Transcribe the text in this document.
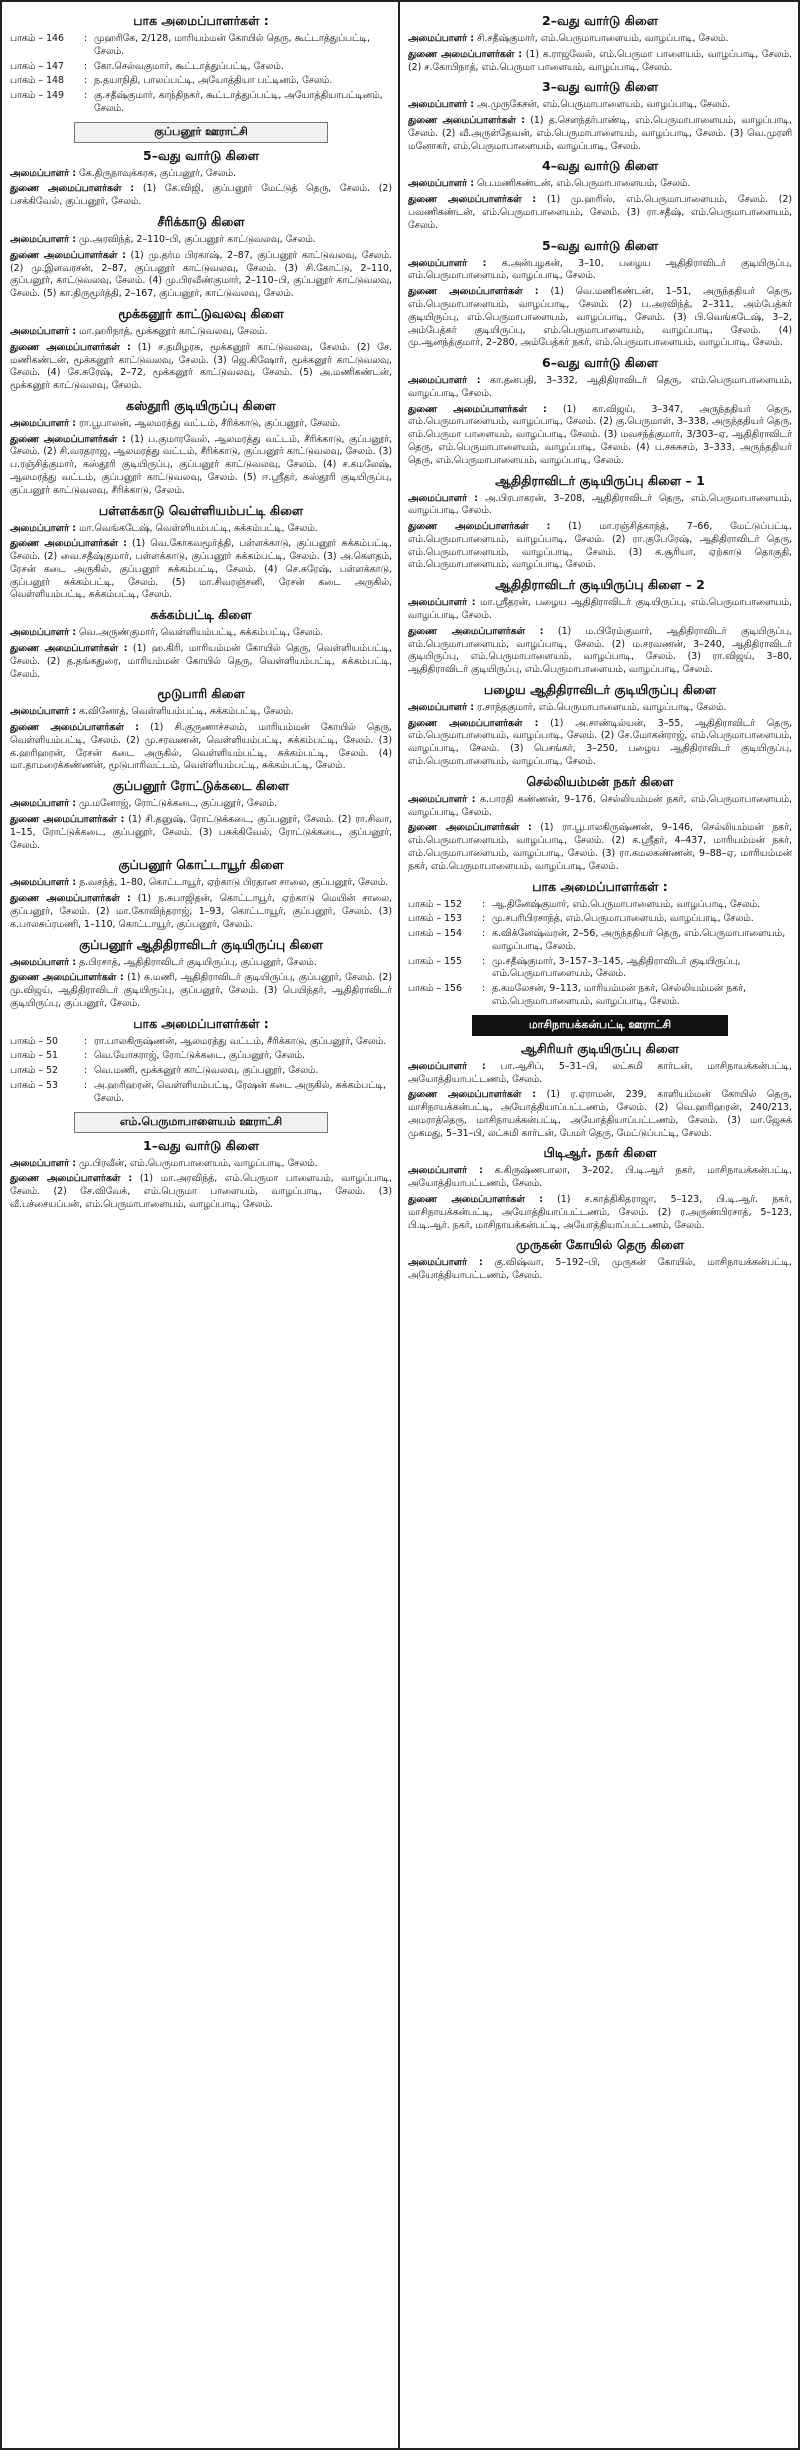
பாக அமைப்பாளர்கள் :
பாகம் – 146	: முஹரிகே, 2/128, மாரியம்மன் கோயில் தெரு, கூட்டாத்துப்பட்டி, சேலம்.
பாகம் – 147	: கோ.செல்வகுமார், கூட்டாத்துப்பட்டி, சேலம்.
பாகம் – 148	: ந.தயாநிதி, பாலப்பட்டி, அயோத்தியா பட்டினம், சேலம்.
பாகம் – 149	: கு.சதீஷ்குமார், காந்திநகர், கூட்டாத்துப்பட்டி, அயோத்தியாபட்டினம், சேலம்.
குப்பனூர் ஊராட்சி
5–வது வார்டு கிளை
அமைப்பாளர் : கே.திருநாவுக்கரசு, குப்பனூர், சேலம்.
துணை அமைப்பாளர்கள் : (1) கே.விஜி, குப்பனூர் மேட்டுத் தெரு, சேலம். (2) பசக்கிவேல், குப்பனூர், சேலம்.
சீரிக்காடு கிளை
அமைப்பாளர் : மு.அரவிந்த், 2–110–பி, குப்பனூர் காட்டுவலவு, சேலம்.
துணை அமைப்பாளர்கள் : (1) மு.தர்ம பிரகாஷ், 2–87, குப்பனூர் காட்டுவலவு, சேலம். (2) மு.இளவரசன், 2–87, குப்பனூர் காட்டுவலவு, சேலம். (3) சி.கோட்டு, 2–110, குப்பனூர், காட்டுவலவு, சேலம். (4) மு.பிரவீண்குமார், 2–110–பி, குப்பனூர் காட்டுவலவு, சேலம். (5) கா.திருமூர்த்தி, 2–167, குப்பனூர், காட்டுவலவு, சேலம்.
மூக்கனூர் காட்டுவலவு கிளை
அமைப்பாளர் : மா.ஹரிநாத், மூக்கனூர் காட்டுவலவு, சேலம்.
துணை அமைப்பாளர்கள் : (1) ச.தமிழரசு, மூக்கனூர் காட்டுவலவு, சேலம். (2) சே. மணிகண்டன், மூக்கனூர் காட்டுவலவு, சேலம். (3) ஜெ.கிஷோர், மூக்கனூர் காட்டுவலவு, சேலம். (4) சே.சுரேஷ், 2–72, மூக்கனூர் காட்டுவலவு, சேலம். (5) அ.மணிகண்டன், மூக்கனூர் காட்டுவலவு, சேலம்.
கஸ்தூரி குடியிருப்பு கிளை
அமைப்பாளர் : ரா.பூபாலன், ஆலமரத்து வட்டம், சீரிக்காடு, குப்பனூர், சேலம்.
துணை அமைப்பாளர்கள் : (1) ப.குமாரவேல், ஆலமரத்து வட்டம், சீரிக்காடு, குப்பனூர், சேலம். (2) சி.வரதராஜ, ஆலமரத்து வட்டம், சீரிக்காடு, குப்பனூர் காட்டுவலவு, சேலம். (3) ப.ரஞ்சித்குமார், கஸ்தூரி குடியிருப்பு, குப்பனூர் காட்டுவலவு, சேலம். (4) ச.கமலேஷ், ஆலமரத்து வட்டம், குப்பனூர் காட்டுவலவு, சேலம். (5) ஈ.ஸ்ரீதர், கஸ்தூரி குடியிருப்பு, குப்பனூர் காட்டுவலவு, சீரிக்காடு, சேலம்.
பள்ளக்காடு வெள்ளியம்பட்டி கிளை
அமைப்பாளர் : மா.வெங்கடேஷ், வெள்ளியம்பட்டி, சுக்கம்பட்டி, சேலம்.
துணை அமைப்பாளர்கள் : (1) வெ.கோகவமூர்த்தி, பள்ளக்காடு, குப்பனூர் சுக்கம்பட்டி, சேலம். (2) வை.சதீஷ்குமார், பள்ளக்காடு, குப்பனூர் சுக்கம்பட்டி, சேலம். (3) அ.கௌதம், ரேசன் கடை அருகில், குப்பனூர் சுக்கம்பட்டி, சேலம். (4) செ.சுரேஷ், பள்ளக்காடு, குப்பனூர் சுக்கம்பட்டி, சேலம். (5) மா.சிவரஞ்சனி, ரேசன் கடை அருகில், வெள்ளியம்பட்டி, சுக்கம்பட்டி, சேலம்.
சுக்கம்பட்டி கிளை
அமைப்பாளர் : வெ.அருண்குமார், வெள்ளியம்பட்டி, சுக்கம்பட்டி, சேலம்.
துணை அமைப்பாளர்கள் : (1) ஹ.கிரி, மாரியம்மன் கோயில் தெரு, வெள்ளியம்பட்டி, சேலம். (2) த.தங்கதுரை, மாரியம்மன் கோயில் தெரு, வெள்ளியம்பட்டி, சுக்கம்பட்டி, சேலம்.
மூடுபாரி கிளை
அமைப்பாளர் : க.வினோத், வெள்ளியம்பட்டி, சுக்கம்பட்டி, சேலம்.
துணை அமைப்பாளர்கள் : (1) சி.குருணாச்சலம், மாரியம்மன் கோயில் தெரு, வெள்ளியம்பட்டி, சேலம். (2) மு.சரவணன், வெள்ளியம்பட்டி, சுக்கம்பட்டி, சேலம். (3) க.ஹரிஹரன், ரேசன் கடை அருகில், வெள்ளியம்பட்டி, சுக்கம்பட்டி, சேலம். (4) மா.தாமரைக்கண்ணன், மூடுபாரிவட்டம், வெள்ளியம்பட்டி, சுக்கம்பட்டி, சேலம்.
குப்பனூர் ரோட்டுக்கடை கிளை
அமைப்பாளர் : மு.மனோஜ், ரோட்டுக்கடை, குப்பனூர், சேலம்.
துணை அமைப்பாளர்கள் : (1) சி.தனுஷ், ரோட்டுக்கடை, குப்பனூர், சேலம். (2) ரா.சிவா, 1–15, ரோட்டுக்கடை, குப்பனூர், சேலம். (3) பசுக்கிவேல், ரோட்டுக்கடை, குப்பனூர், சேலம்.
குப்பனூர் கொட்டாயூர் கிளை
அமைப்பாளர் : ந.வசந்த், 1–80, கொட்டாயூர், ஏற்காடு பிரதான சாலை, குப்பனூர், சேலம்.
துணை அமைப்பாளர்கள் : (1) ந.சுபாஜிதன், கொட்டாயூர், ஏற்காடு மெயின் சாலை, குப்பனூர், சேலம். (2) மா.கோவிந்தராஜ், 1–93, கொட்டாயூர், குப்பனூர், சேலம். (3) க.பாலசுப்ரமணி, 1–110, கொட்டாயூர், குப்பனூர், சேலம்.
குப்பனூர் ஆதிதிராவிடர் குடியிருப்பு கிளை
அமைப்பாளர் : த.பிரசாத், ஆதிதிராவிடர் குடியிருப்பு, குப்பனூர், சேலம்.
துணை அமைப்பாளர்கள் : (1) சு.மணி, ஆதிதிராவிடர் குடியிருப்பு, குப்பனூர், சேலம். (2) மு.விஜய், ஆதிதிராவிடர் குடியிருப்பு, குப்பனூர், சேலம். (3) பெயிந்தர், ஆதிதிராவிடர் குடியிருப்பு, குப்பனூர், சேலம்.
பாக அமைப்பாளர்கள் :
பாகம் – 50	: ரா.பாலகிருஷ்ணன், ஆலமரத்து வட்டம், சீரிக்காடு, குப்பனூர், சேலம்.
பாகம் – 51	: வெ.யோகராஜ், ரோட்டுக்கடை, குப்பனூர், சேலம்.
பாகம் – 52	: வெ.மணி, மூக்கனூர் காட்டுவலவு, குப்பனூர், சேலம்.
பாகம் – 53	: அ.ஹரிஹரன், வெள்ளியம்பட்டி, ரேஷன் கடை அருகில், சுக்கம்பட்டி, சேலம்.
எம்.பெருமாபாளையம் ஊராட்சி
1–வது வார்டு கிளை
அமைப்பாளர் : மு.பிரவீன், எம்.பெருமாபாளையம், வாழப்பாடி, சேலம்.
துணை அமைப்பாளர்கள் : (1) மா.அரவிந்த், எம்.பெருமா பாளையம், வாழப்பாடி, சேலம். (2) சே.விவேக், எம்.பெருமா பாளையம், வாழப்பாடி, சேலம். (3) வீ.பச்சையப்பன், எம்.பெருமாபாளையம், வாழப்பாடி, சேலம்.
2–வது வார்டு கிளை
அமைப்பாளர் : சி.சதீஷ்குமார், எம்.பெருமாபாளையம், வாழப்பாடி, சேலம்.
துணை அமைப்பாளர்கள் : (1) க.ராஜவேல், எம்.பெருமா பாளையம், வாழப்பாடி, சேலம். (2) ச.கோபிநாத், எம்.பெருமா பாளையம், வாழப்பாடி, சேலம்.
3–வது வார்டு கிளை
அமைப்பாளர் : அ.முருகேசன், எம்.பெருமாபாளையம், வாழப்பாடி, சேலம்.
துணை அமைப்பாளர்கள் : (1) த.சௌந்தர்பாண்டி, எம்.பெருமாபாளையம், வாழப்பாடி, சேலம். (2) வீ.அருள்தேவன், எம்.பெருமாபாளையம், வாழப்பாடி, சேலம். (3) வெ.முரளி மனோகர், எம்.பெருமாபாளையம், வாழப்பாடி, சேலம்.
4–வது வார்டு கிளை
அமைப்பாளர் : பெ.மணிகண்டன், எம்.பெருமாபாளையம், சேலம்.
துணை அமைப்பாளர்கள் : (1) மு.ஹரிஸ், எம்.பெருமாபாளையம், சேலம். (2) பவணிகண்டன், எம்.பெருமாபாளையம், சேலம். (3) ரா.சதீஷ், எம்.பெருமாபாளையம், சேலம்.
5–வது வார்டு கிளை
அமைப்பாளர் : க.அன்பழகன், 3–10, பழைய ஆதிதிராவிடர் குடியிருப்பு, எம்.பெருமாபாளையம், வாழப்பாடி, சேலம்.
துணை அமைப்பாளர்கள் : (1) வெ.மணிகண்டன், 1–51, அருந்ததியர் தெரு, எம்.பெருமாபாளையம், வாழப்பாடி, சேலம். (2) ப.அரவிந்த், 2–311, அம்பேத்கர் குடியிருப்பு, எம்.பெருமாபாளையம், வாழப்பாடி, சேலம். (3) பி.வெங்கடேஷ், 3–2, அம்பேத்கர் குடியிருப்பு, எம்.பெருமாபாளையம், வாழப்பாடி, சேலம். (4) மு.ஆனந்த்குமார், 2–280, அம்பேத்கர் நகர், எம்.பெருமாபாளையம், வாழப்பாடி, சேலம்.
6–வது வார்டு கிளை
அமைப்பாளர் : கா.தனபதி, 3–332, ஆதிதிராவிடர் தெரு, எம்.பெருமாபாளையம், வாழப்பாடி, சேலம்.
துணை அமைப்பாளர்கள் : (1) கா.விஜய், 3–347, அருந்ததியர் தெரு, எம்.பெருமாபாளையம், வாழப்பாடி, சேலம். (2) கு.பெருமாள், 3–338, அருந்ததியர் தெரு, எம்.பெருமா பாளையம், வாழப்பாடி, சேலம். (3) மவசந்த்குமார், 3/303–ஏ, ஆதிதிராவிடர் தெரு, எம்.பெருமாபாளையம், வாழப்பாடி, சேலம். (4) ப.சசுசுசம், 3–333, அருந்ததியர் தெரு, எம்.பெருமாபாளையம், வாழப்பாடி, சேலம்.
ஆதிதிராவிடர் குடியிருப்பு கிளை – 1
அமைப்பாளர் : அ.பிரபாகரன், 3–208, ஆதிதிராவிடர் தெரு, எம்.பெருமாபாளையம், வாழப்பாடி, சேலம்.
துணை அமைப்பாளர்கள் : (1) மா.ரஞ்சித்காந்த், 7–66, மேட்டுப்பட்டி, எம்.பெருமாபாளையம், வாழப்பாடி, சேலம். (2) ரா.குபேரேஷ், ஆதிதிராவிடர் தெரு, எம்.பெருமாபாளையம், வாழப்பாடி, சேலம். (3) க.சூரியா, ஏற்காடு தொகுதி, எம்.பெருமாபாளையம், வாழப்பாடி, சேலம்.
ஆதிதிராவிடர் குடியிருப்பு கிளை – 2
அமைப்பாளர் : மா.ஸ்ரீதரன், பழைய ஆதிதிராவிடர் குடியிருப்பு, எம்.பெருமாபாளையம், வாழப்பாடி, சேலம்.
துணை அமைப்பாளர்கள் : (1) ம.பிரேம்குமார், ஆதிதிராவிடர் குடியிருப்பு, எம்.பெருமாபாளையம், வாழப்பாடி, சேலம். (2) ம.சரவணன், 3–240, ஆதிதிராவிடர் குடியிருப்பு, எம்.பெருமாபாளையம், வாழப்பாடி, சேலம். (3) ரா.விஜய், 3–80, ஆதிதிராவிடர் குடியிருப்பு, எம்.பெருமாபாளையம், வாழப்பாடி, சேலம்.
பழைய ஆதிதிராவிடர் குடியிருப்பு கிளை
அமைப்பாளர் : ர.சாந்தகுமார், எம்.பெருமாபாளையம், வாழப்பாடி, சேலம்.
துணை அமைப்பாளர்கள் : (1) அ.சாண்டில்யன், 3–55, ஆதிதிராவிடர் தெரு, எம்.பெருமாபாளையம், வாழப்பாடி, சேலம். (2) சே.மோகன்ராஜ், எம்.பெருமாபாளையம், வாழப்பாடி, சேலம். (3) பெசங்கர், 3–250, பழைய ஆதிதிராவிடர் குடியிருப்பு, எம்.பெருமாபாளையம், வாழப்பாடி, சேலம்.
செல்லியம்மன் நகர் கிளை
அமைப்பாளர் : க.பாரதி கண்ணன், 9–176, செல்லியம்மன் நகர், எம்.பெருமாபாளையம், வாழப்பாடி, சேலம்.
துணை அமைப்பாளர்கள் : (1) ரா.பூபாலகிருஷ்ணன், 9–146, செல்லியம்மன் நகர், எம்.பெருமாபாளையம், வாழப்பாடி, சேலம். (2) க.ஸ்ரீதர், 4–437, மாரியம்மன் நகர், எம்.பெருமாபாளையம், வாழப்பாடி, சேலம். (3) ரா.கமலகண்ணன், 9–88–ஏ, மாரியம்மன் நகர், எம்.பெருமாபாளையம், வாழப்பாடி, சேலம்.
பாக அமைப்பாளர்கள் :
பாகம் – 152	: ஆ.தினேஷ்குமார், எம்.பெருமாபாளையம், வாழப்பாடி, சேலம்.
பாகம் – 153	: மு.சபரிபிரசாந்த், எம்.பெருமாபாளையம், வாழப்பாடி, சேலம்.
பாகம் – 154	: க.விக்னேஷ்வரன், 2–56, அருந்ததியர் தெரு, எம்.பெருமாபாளையம், வாழப்பாடி, சேலம்.
பாகம் – 155	: மு.சதீஷ்குமார், 3–157–3–145, ஆதிதிராவிடர் குடியிருப்பு, எம்.பெருமாபாளையம், சேலம்.
பாகம் – 156	: த.கமலேசன், 9–113, மாரியம்மன் நகர், செல்லியம்மன் நகர், எம்.பெருமாபாளையம், வாழப்பாடி, சேலம்.
மாசிநாயக்கன்பட்டி ஊராட்சி
ஆசிரியர் குடியிருப்பு கிளை
அமைப்பாளர் : பா.ஆசிப், 5–31–பி, லட்சுமி கார்டன், மாசிநாயக்கன்பட்டி, அயோத்தியாபட்டணம், சேலம்.
துணை அமைப்பாளர்கள் : (1) ர.ஏராமன், 239, காளியம்மன் கோயில் தெரு, மாசிநாயக்கன்பட்டி, அயோத்தியாப்பட்டணம், சேலம். (2) வெ.ஹரிஹரன், 240/213, அமராத்தெரு, மாசிநாயக்கன்பட்டி, அயோத்தியாப்பட்டணம், சேலம். (3) மா.ஜேசுக் முகமது, 5–31–பி, லட்சுமி கார்டன், பேமர் தெரு, மேட்டுப்பட்டி, சேலம்.
பிடிஆர். நகர் கிளை
அமைப்பாளர் : க.கிருஷ்ணபாலா, 3–202, பி.டி.ஆர் நகர், மாசிநாயக்கன்பட்டி, அயோத்தியாபட்டணம், சேலம்.
துணை அமைப்பாளர்கள் : (1) ச.காத்திகிதராஜா, 5–123, பி.டி.ஆர். நகர், மாசிநாயக்கன்பட்டி, அயோத்தியாப்பட்டணம், சேலம். (2) ர.அருண்பிரசாத், 5–123, பி.டி.ஆர். நகர், மாசிநாயக்கன்பட்டி, அயோத்தியாப்பட்டணம், சேலம்.
முருகன் கோயில் தெரு கிளை
அமைப்பாளர் : கு.விஷ்வா, 5–192–பி, முருகன் கோயில், மாசிநாயக்கன்பட்டி, அயோத்தியாபட்டணம், சேலம்.
